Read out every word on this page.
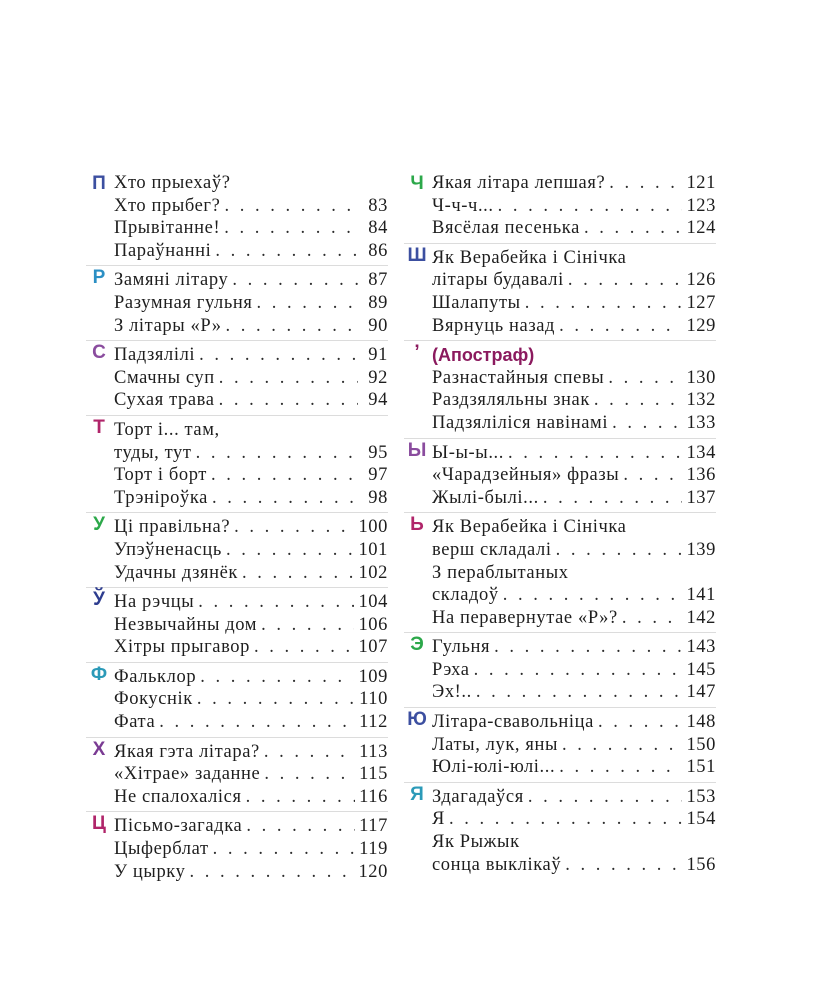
П Хто прыехаў?
Хто прыбег? . . .	83
Прывітанне! . . .	84
Параўнанні . . .	86
Р Замяні літару . . .	87
Разумная гульня . . .	89
З літары «Р» . . .	90
С Падзялілі . . .	91
Смачны суп . . .	92
Сухая трава . . .	94
Т Торт і... там,
туды, тут . . .	95
Торт і борт . . .	97
Трэніроўка . . .	98
У Ці правільна? . . .	100
Упэўненасць . . .	101
Удачны дзянёк . . .	102
Ў На рэчцы . . .	104
Незвычайны дом . . .	106
Хітры прыгавор . . .	107
Ф Фальклор . . .	109
Фокуснік . . .	110
Фата . . .	112
Х Якая гэта літара? . . .	113
«Хітрае» заданне . . .	115
Не спалохаліся . . .	116
Ц Пісьмо-загадка . . .	117
Цыферблат . . .	119
У цырку . . .	120
Ч Якая літара лепшая? . . .	121
Ч-ч-ч... . . .	123
Вясёлая песенька . . .	124
Ш Як Верабейка і Сінічка
літары будавалі . . .	126
Шалапуты . . .	127
Вярнуць назад . . .	129
’ (Апостраф)
Разнастайныя спевы . . .	130
Раздзяляльны знак . . .	132
Падзяліліся навінамі . . .	133
Ы Ы-ы-ы... . . .	134
«Чарадзейныя» фразы . . .	136
Жылі-былі... . . .	137
Ь Як Верабейка і Сінічка
верш складалі . . .	139
З пераблытаных
складоў . . .	141
На перавернутае «Р»? . . .	142
Э Гульня . . .	143
Рэха . . .	145
Эх!.. . . .	147
Ю Літара-свавольніца . . .	148
Латы, лук, яны . . .	150
Юлі-юлі-юлі... . . .	151
Я Здагадаўся . . .	153
Я . . .	154
Як Рыжык
сонца выклікаў . . .	156
